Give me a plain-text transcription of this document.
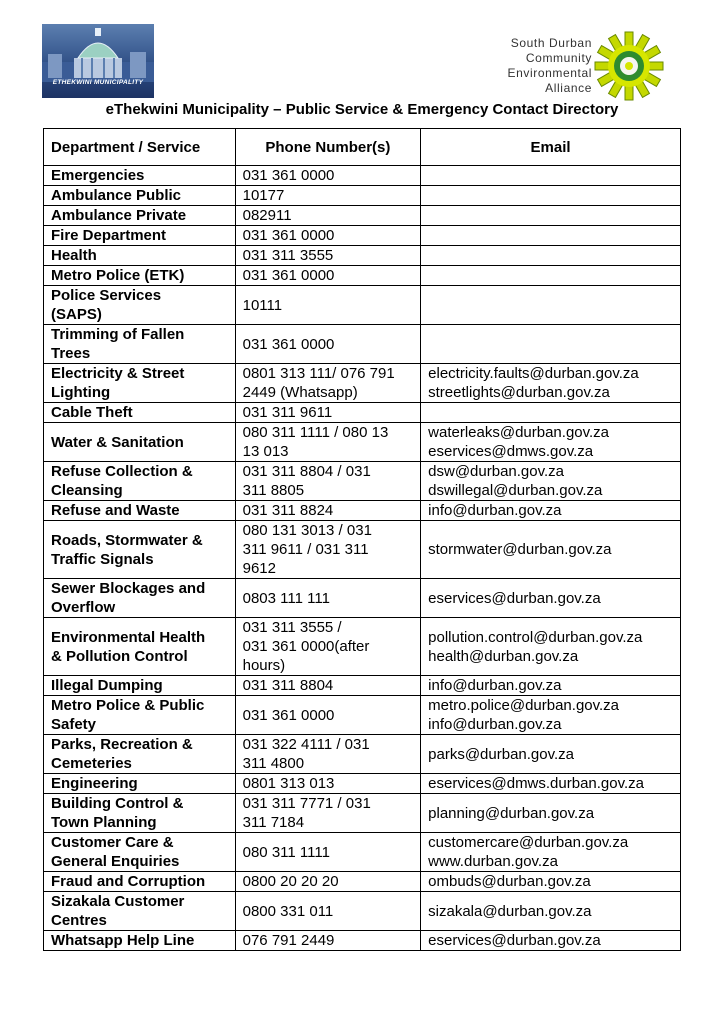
ETHEKWINI MUNICIPALITY
South Durban
Community
Environmental
Alliance
eThekwini Municipality – Public Service & Emergency Contact Directory
Department / Service	Phone Number(s)	Email

Emergencies	031 361 0000	

Ambulance Public	10177	

Ambulance Private	082911	

Fire Department	031 361 0000	

Health	031 311 3555	

Metro Police (ETK)	031 361 0000	

Police Services
(SAPS)	10111	

Trimming of Fallen
Trees	031 361 0000	

Electricity & Street
Lighting	0801 313 111/ 076 791
2449 (Whatsapp)	electricity.faults@durban.gov.za
streetlights@durban.gov.za

Cable Theft	031 311 9611	

Water & Sanitation	080 311 1111 / 080 13
13 013	waterleaks@durban.gov.za
eservices@dmws.gov.za

Refuse Collection &
Cleansing	031 311 8804 / 031
311 8805	dsw@durban.gov.za
dswillegal@durban.gov.za

Refuse and Waste	031 311 8824	info@durban.gov.za

Roads, Stormwater &
Traffic Signals	080 131 3013 / 031
311 9611 / 031 311
9612	stormwater@durban.gov.za

Sewer Blockages and
Overflow	0803 111 111	eservices@durban.gov.za

Environmental Health
& Pollution Control	031 311 3555 /
031 361 0000(after
hours)	pollution.control@durban.gov.za
health@durban.gov.za

Illegal Dumping	031 311 8804	info@durban.gov.za

Metro Police & Public
Safety	031 361 0000	metro.police@durban.gov.za
info@durban.gov.za

Parks, Recreation &
Cemeteries	031 322 4111 / 031
311 4800	parks@durban.gov.za

Engineering	0801 313 013	eservices@dmws.durban.gov.za

Building Control &
Town Planning	031 311 7771 / 031
311 7184	planning@durban.gov.za

Customer Care &
General Enquiries	080 311 1111	customercare@durban.gov.za
www.durban.gov.za

Fraud and Corruption	0800 20 20 20	ombuds@durban.gov.za

Sizakala Customer
Centres	0800 331 011	sizakala@durban.gov.za

Whatsapp Help Line	076 791 2449	eservices@durban.gov.za
